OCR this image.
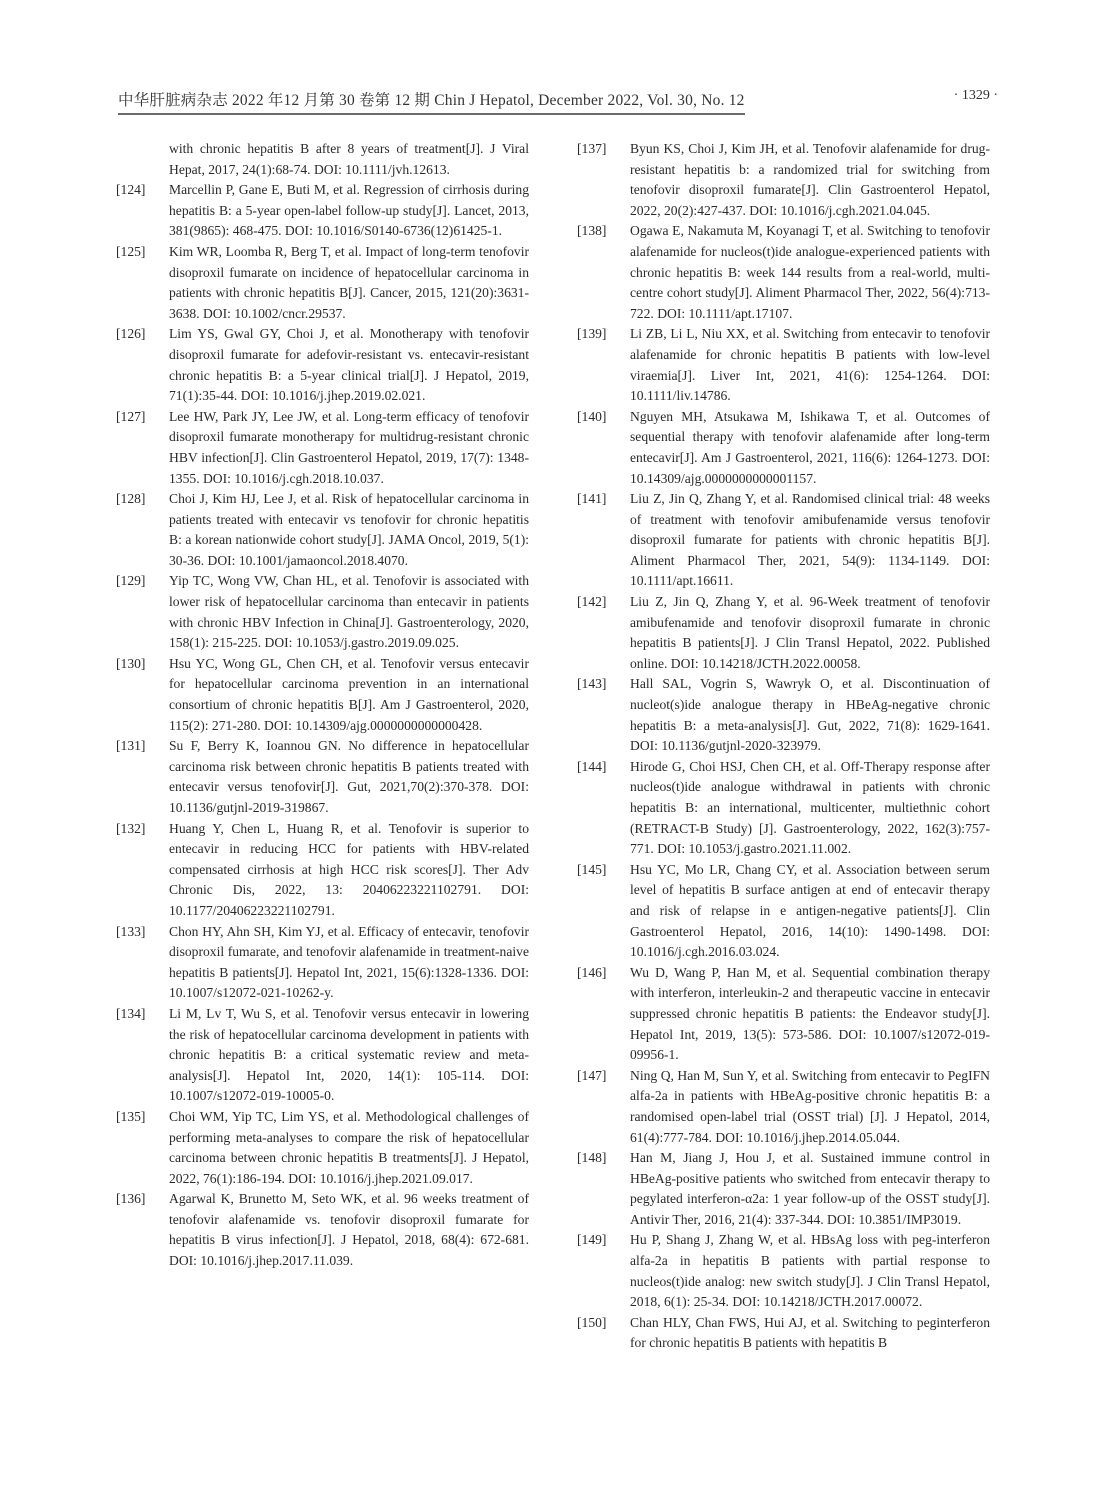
中华肝脏病杂志 2022 年12 月第 30 卷第 12 期 Chin J Hepatol, December 2022, Vol. 30, No. 12	· 1329 ·
with chronic hepatitis B after 8 years of treatment[J]. J Viral Hepat, 2017, 24(1):68-74. DOI: 10.1111/jvh.12613.
[124]	Marcellin P, Gane E, Buti M, et al. Regression of cirrhosis during hepatitis B: a 5-year open-label follow-up study[J]. Lancet, 2013, 381(9865): 468-475. DOI: 10.1016/S0140-6736(12)61425-1.
[125]	Kim WR, Loomba R, Berg T, et al. Impact of long-term tenofovir disoproxil fumarate on incidence of hepatocellular carcinoma in patients with chronic hepatitis B[J]. Cancer, 2015, 121(20):3631-3638. DOI: 10.1002/cncr.29537.
[126]	Lim YS, Gwal GY, Choi J, et al. Monotherapy with tenofovir disoproxil fumarate for adefovir-resistant vs. entecavir-resistant chronic hepatitis B: a 5-year clinical trial[J]. J Hepatol, 2019, 71(1):35-44. DOI: 10.1016/j.jhep.2019.02.021.
[127]	Lee HW, Park JY, Lee JW, et al. Long-term efficacy of tenofovir disoproxil fumarate monotherapy for multidrug-resistant chronic HBV infection[J]. Clin Gastroenterol Hepatol, 2019, 17(7): 1348-1355. DOI: 10.1016/j.cgh.2018.10.037.
[128]	Choi J, Kim HJ, Lee J, et al. Risk of hepatocellular carcinoma in patients treated with entecavir vs tenofovir for chronic hepatitis B: a korean nationwide cohort study[J]. JAMA Oncol, 2019, 5(1): 30-36. DOI: 10.1001/jamaoncol.2018.4070.
[129]	Yip TC, Wong VW, Chan HL, et al. Tenofovir is associated with lower risk of hepatocellular carcinoma than entecavir in patients with chronic HBV Infection in China[J]. Gastroenterology, 2020, 158(1): 215-225. DOI: 10.1053/j.gastro.2019.09.025.
[130]	Hsu YC, Wong GL, Chen CH, et al. Tenofovir versus entecavir for hepatocellular carcinoma prevention in an international consortium of chronic hepatitis B[J]. Am J Gastroenterol, 2020, 115(2): 271-280. DOI: 10.14309/ajg.0000000000000428.
[131]	Su F, Berry K, Ioannou GN. No difference in hepatocellular carcinoma risk between chronic hepatitis B patients treated with entecavir versus tenofovir[J]. Gut, 2021,70(2):370-378. DOI: 10.1136/gutjnl-2019-319867.
[132]	Huang Y, Chen L, Huang R, et al. Tenofovir is superior to entecavir in reducing HCC for patients with HBV-related compensated cirrhosis at high HCC risk scores[J]. Ther Adv Chronic Dis, 2022, 13: 20406223221102791. DOI: 10.1177/20406223221102791.
[133]	Chon HY, Ahn SH, Kim YJ, et al. Efficacy of entecavir, tenofovir disoproxil fumarate, and tenofovir alafenamide in treatment-naive hepatitis B patients[J]. Hepatol Int, 2021, 15(6):1328-1336. DOI: 10.1007/s12072-021-10262-y.
[134]	Li M, Lv T, Wu S, et al. Tenofovir versus entecavir in lowering the risk of hepatocellular carcinoma development in patients with chronic hepatitis B: a critical systematic review and meta-analysis[J]. Hepatol Int, 2020, 14(1): 105-114. DOI: 10.1007/s12072-019-10005-0.
[135]	Choi WM, Yip TC, Lim YS, et al. Methodological challenges of performing meta-analyses to compare the risk of hepatocellular carcinoma between chronic hepatitis B treatments[J]. J Hepatol, 2022, 76(1):186-194. DOI: 10.1016/j.jhep.2021.09.017.
[136]	Agarwal K, Brunetto M, Seto WK, et al. 96 weeks treatment of tenofovir alafenamide vs. tenofovir disoproxil fumarate for hepatitis B virus infection[J]. J Hepatol, 2018, 68(4): 672-681. DOI: 10.1016/j.jhep.2017.11.039.
[137]	Byun KS, Choi J, Kim JH, et al. Tenofovir alafenamide for drug-resistant hepatitis b: a randomized trial for switching from tenofovir disoproxil fumarate[J]. Clin Gastroenterol Hepatol, 2022, 20(2):427-437. DOI: 10.1016/j.cgh.2021.04.045.
[138]	Ogawa E, Nakamuta M, Koyanagi T, et al. Switching to tenofovir alafenamide for nucleos(t)ide analogue-experienced patients with chronic hepatitis B: week 144 results from a real-world, multi-centre cohort study[J]. Aliment Pharmacol Ther, 2022, 56(4):713-722. DOI: 10.1111/apt.17107.
[139]	Li ZB, Li L, Niu XX, et al. Switching from entecavir to tenofovir alafenamide for chronic hepatitis B patients with low-level viraemia[J]. Liver Int, 2021, 41(6): 1254-1264. DOI: 10.1111/liv.14786.
[140]	Nguyen MH, Atsukawa M, Ishikawa T, et al. Outcomes of sequential therapy with tenofovir alafenamide after long-term entecavir[J]. Am J Gastroenterol, 2021, 116(6): 1264-1273. DOI: 10.14309/ajg.0000000000001157.
[141]	Liu Z, Jin Q, Zhang Y, et al. Randomised clinical trial: 48 weeks of treatment with tenofovir amibufenamide versus tenofovir disoproxil fumarate for patients with chronic hepatitis B[J]. Aliment Pharmacol Ther, 2021, 54(9): 1134-1149. DOI: 10.1111/apt.16611.
[142]	Liu Z, Jin Q, Zhang Y, et al. 96-Week treatment of tenofovir amibufenamide and tenofovir disoproxil fumarate in chronic hepatitis B patients[J]. J Clin Transl Hepatol, 2022. Published online. DOI: 10.14218/JCTH.2022.00058.
[143]	Hall SAL, Vogrin S, Wawryk O, et al. Discontinuation of nucleot(s)ide analogue therapy in HBeAg-negative chronic hepatitis B: a meta-analysis[J]. Gut, 2022, 71(8): 1629-1641. DOI: 10.1136/gutjnl-2020-323979.
[144]	Hirode G, Choi HSJ, Chen CH, et al. Off-Therapy response after nucleos(t)ide analogue withdrawal in patients with chronic hepatitis B: an international, multicenter, multiethnic cohort (RETRACT-B Study) [J]. Gastroenterology, 2022, 162(3):757-771. DOI: 10.1053/j.gastro.2021.11.002.
[145]	Hsu YC, Mo LR, Chang CY, et al. Association between serum level of hepatitis B surface antigen at end of entecavir therapy and risk of relapse in e antigen-negative patients[J]. Clin Gastroenterol Hepatol, 2016, 14(10): 1490-1498. DOI: 10.1016/j.cgh.2016.03.024.
[146]	Wu D, Wang P, Han M, et al. Sequential combination therapy with interferon, interleukin-2 and therapeutic vaccine in entecavir suppressed chronic hepatitis B patients: the Endeavor study[J]. Hepatol Int, 2019, 13(5): 573-586. DOI: 10.1007/s12072-019-09956-1.
[147]	Ning Q, Han M, Sun Y, et al. Switching from entecavir to PegIFN alfa-2a in patients with HBeAg-positive chronic hepatitis B: a randomised open-label trial (OSST trial) [J]. J Hepatol, 2014, 61(4):777-784. DOI: 10.1016/j.jhep.2014.05.044.
[148]	Han M, Jiang J, Hou J, et al. Sustained immune control in HBeAg-positive patients who switched from entecavir therapy to pegylated interferon-α2a: 1 year follow-up of the OSST study[J]. Antivir Ther, 2016, 21(4): 337-344. DOI: 10.3851/IMP3019.
[149]	Hu P, Shang J, Zhang W, et al. HBsAg loss with peg-interferon alfa-2a in hepatitis B patients with partial response to nucleos(t)ide analog: new switch study[J]. J Clin Transl Hepatol, 2018, 6(1): 25-34. DOI: 10.14218/JCTH.2017.00072.
[150]	Chan HLY, Chan FWS, Hui AJ, et al. Switching to peginterferon for chronic hepatitis B patients with hepatitis B
